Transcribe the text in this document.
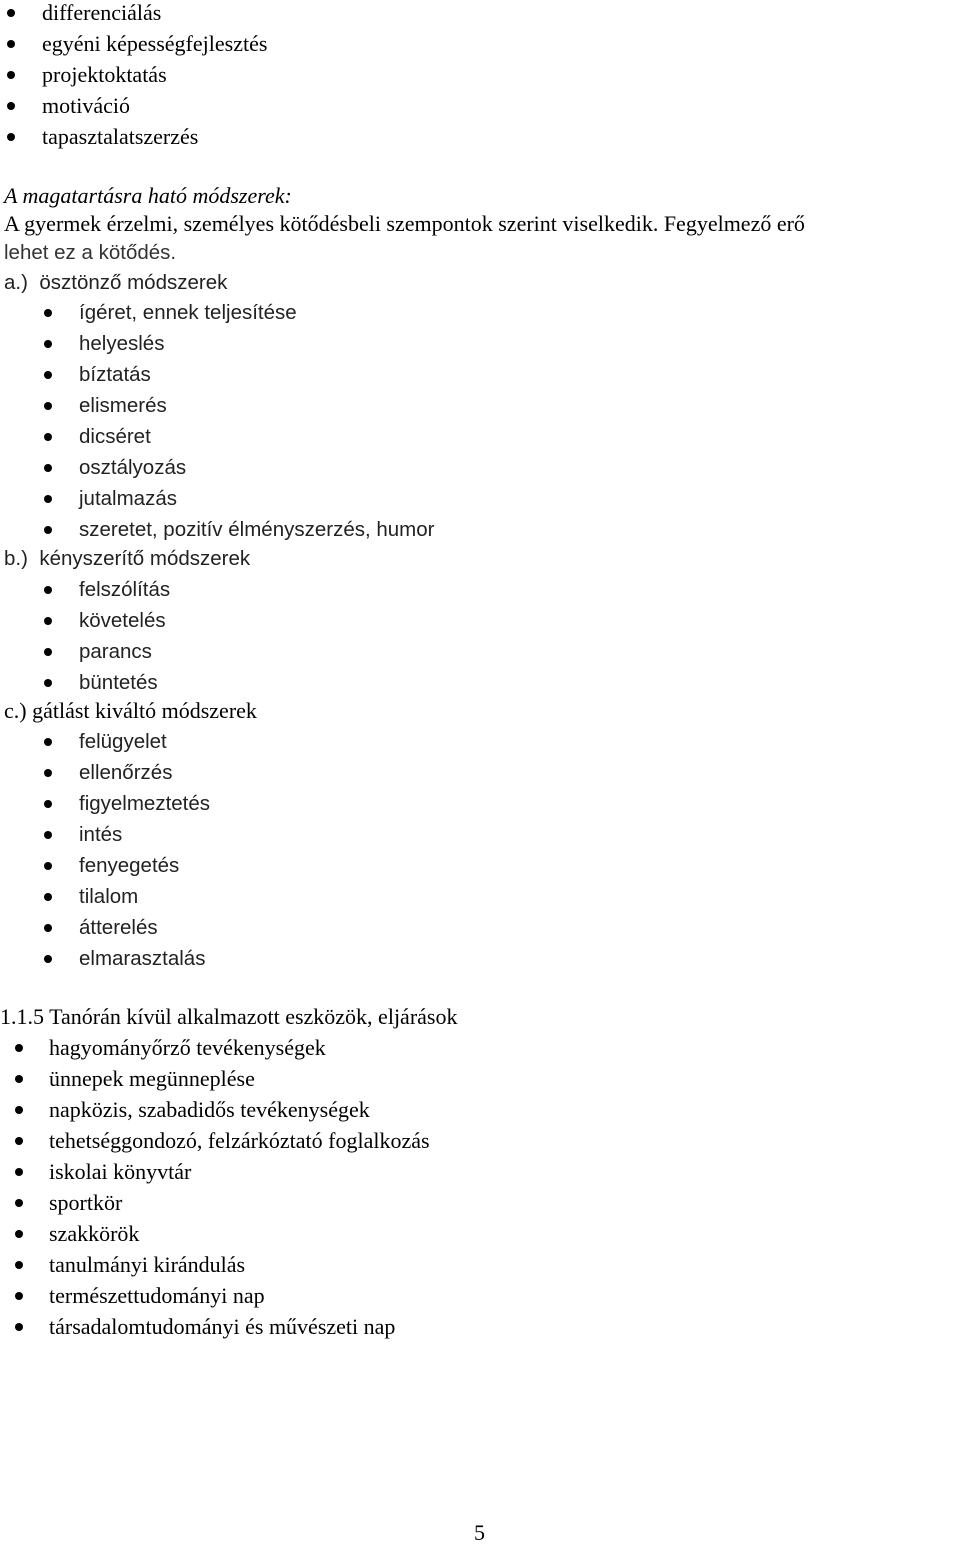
differenciálás
egyéni képességfejlesztés
projektoktatás
motiváció
tapasztalatszerzés
A magatartásra ható módszerek:
A gyermek érzelmi, személyes kötődésbeli szempontok szerint viselkedik. Fegyelmező erő
lehet ez a kötődés.
a.) ösztönző módszerek
ígéret, ennek teljesítése
helyeslés
bíztatás
elismerés
dicséret
osztályozás
jutalmazás
szeretet, pozitív élményszerzés, humor
b.) kényszerítő módszerek
felszólítás
követelés
parancs
büntetés
c.) gátlást kiváltó módszerek
felügyelet
ellenőrzés
figyelmeztetés
intés
fenyegetés
tilalom
átterelés
elmarasztalás
1.1.5 Tanórán kívül alkalmazott eszközök, eljárások
hagyományőrző tevékenységek
ünnepek megünneplése
napközis, szabadidős tevékenységek
tehetséggondozó, felzárkóztató foglalkozás
iskolai könyvtár
sportkör
szakkörök
tanulmányi kirándulás
természettudományi nap
társadalomtudományi és művészeti nap
5
